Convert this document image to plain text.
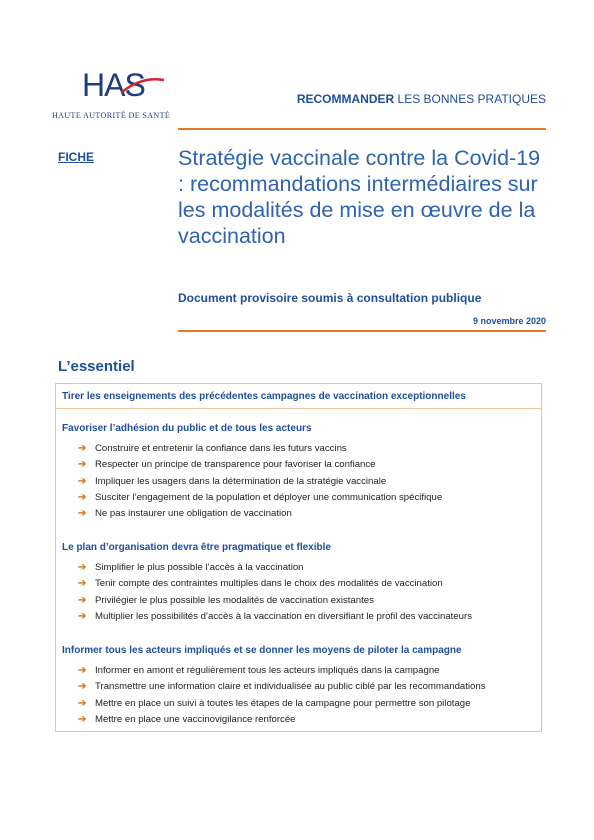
HAS
HAUTE AUTORITÉ DE SANTÉ
RECOMMANDER LES BONNES PRATIQUES
FICHE	Stratégie vaccinale contre la Covid-19 : recommandations intermédiaires sur les modalités de mise en œuvre de la vaccination
Document provisoire soumis à consultation publique
9 novembre 2020
L’essentiel
Tirer les enseignements des précédentes campagnes de vaccination exceptionnelles
Favoriser l’adhésion du public et de tous les acteurs
➔ Construire et entretenir la confiance dans les futurs vaccins
➔ Respecter un principe de transparence pour favoriser la confiance
➔ Impliquer les usagers dans la détermination de la stratégie vaccinale
➔ Susciter l’engagement de la population et déployer une communication spécifique
➔ Ne pas instaurer une obligation de vaccination
Le plan d’organisation devra être pragmatique et flexible
➔ Simplifier le plus possible l’accès à la vaccination
➔ Tenir compte des contraintes multiples dans le choix des modalités de vaccination
➔ Privilégier le plus possible les modalités de vaccination existantes
➔ Multiplier les possibilités d’accès à la vaccination en diversifiant le profil des vaccinateurs
Informer tous les acteurs impliqués et se donner les moyens de piloter la campagne
➔ Informer en amont et régulièrement tous les acteurs impliqués dans la campagne
➔ Transmettre une information claire et individualisée au public ciblé par les recommandations
➔ Mettre en place un suivi à toutes les étapes de la campagne pour permettre son pilotage
➔ Mettre en place une vaccinovigilance renforcée
